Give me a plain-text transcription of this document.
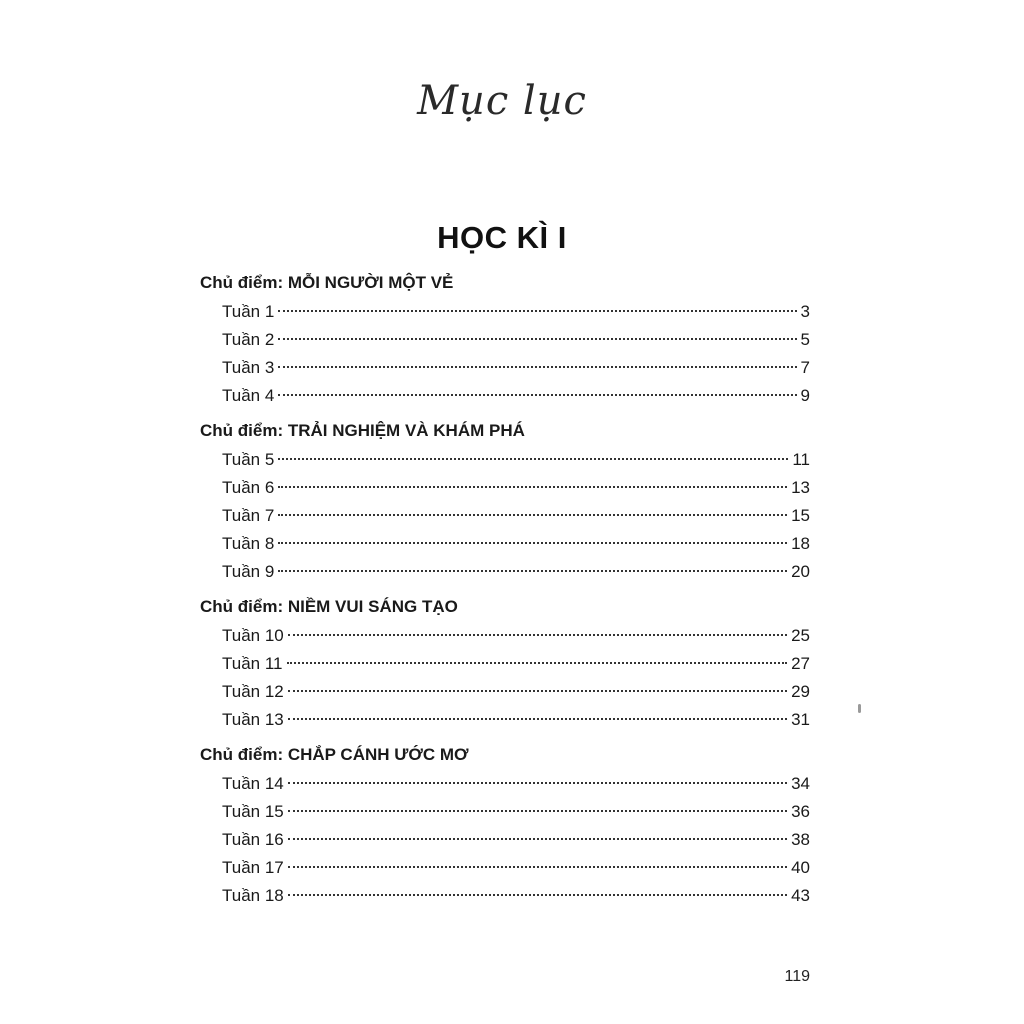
Mục lục
HỌC KÌ I
Chủ điểm: MỖI NGƯỜI MỘT VẺ
Tuần 1	3
Tuần 2	5
Tuần 3	7
Tuần 4	9
Chủ điểm: TRẢI NGHIỆM VÀ KHÁM PHÁ
Tuần 5	11
Tuần 6	13
Tuần 7	15
Tuần 8	18
Tuần 9	20
Chủ điểm: NIỀM VUI SÁNG TẠO
Tuần 10	25
Tuần 11	27
Tuần 12	29
Tuần 13	31
Chủ điểm: CHẮP CÁNH ƯỚC MƠ
Tuần 14	34
Tuần 15	36
Tuần 16	38
Tuần 17	40
Tuần 18	43
119
